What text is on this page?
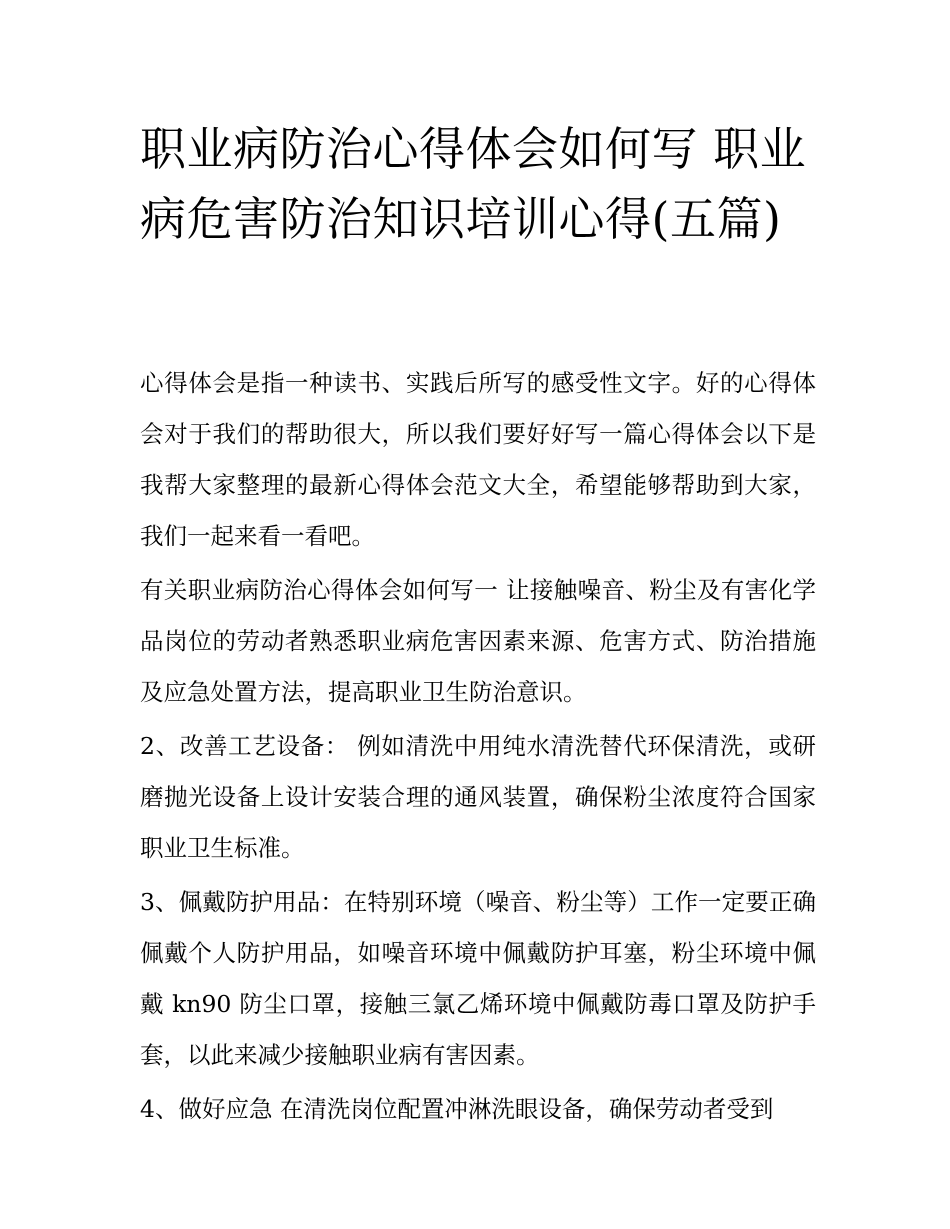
职业病防治心得体会如何写 职业病危害防治知识培训心得(五篇)

心得体会是指一种读书、实践后所写的感受性文字。好的心得体会对于我们的帮助很大，所以我们要好好写一篇心得体会以下是我帮大家整理的最新心得体会范文大全，希望能够帮助到大家，我们一起来看一看吧。

有关职业病防治心得体会如何写一 让接触噪音、粉尘及有害化学品岗位的劳动者熟悉职业病危害因素来源、危害方式、防治措施及应急处置方法，提高职业卫生防治意识。

2、改善工艺设备： 例如清洗中用纯水清洗替代环保清洗，或研磨抛光设备上设计安装合理的通风装置，确保粉尘浓度符合国家职业卫生标准。

3、佩戴防护用品：在特别环境（噪音、粉尘等）工作一定要正确佩戴个人防护用品，如噪音环境中佩戴防护耳塞，粉尘环境中佩戴 kn90 防尘口罩，接触三氯乙烯环境中佩戴防毒口罩及防护手套，以此来减少接触职业病有害因素。

4、做好应急 在清洗岗位配置冲淋洗眼设备，确保劳动者受到
